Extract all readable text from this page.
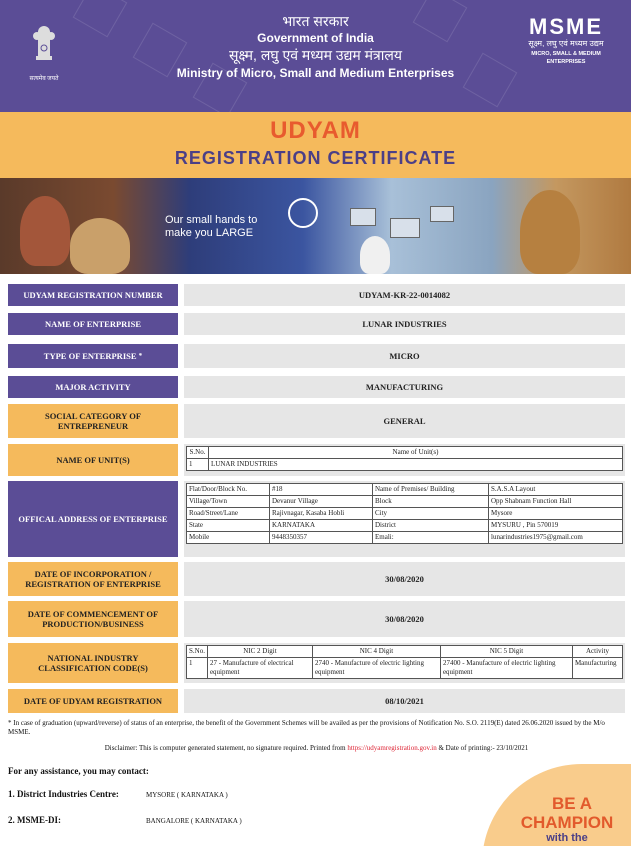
सत्यमेव जयते
भारत सरकार
Government of India
सूक्ष्म, लघु एवं मध्यम उद्यम मंत्रालय
Ministry of Micro, Small and Medium Enterprises
MSME
सूक्ष्म, लघु एवं मध्यम उद्यम
MICRO, SMALL & MEDIUM ENTERPRISES
UDYAM
REGISTRATION CERTIFICATE
Our small hands to
make you LARGE
UDYAM REGISTRATION NUMBER	UDYAM-KR-22-0014082
NAME OF ENTERPRISE	LUNAR INDUSTRIES
TYPE OF ENTERPRISE
*	MICRO
MAJOR ACTIVITY	MANUFACTURING
SOCIAL CATEGORY OF
ENTREPRENEUR	GENERAL
NAME OF UNIT(S)
S.No.	Name of Unit(s)
1	LUNAR INDUSTRIES
OFFICAL ADDRESS OF ENTERPRISE
Flat/Door/Block No.	#18	Name of Premises/ Building	S.A.S.A Layout
Village/Town	Devanur Village	Block	Opp Shabnam Function Hall
Road/Street/Lane	Rajivnagar, Kasaba Hobli	City	Mysore
State	KARNATAKA	District	MYSURU , Pin 570019
Mobile	9448350357	Emali:	lunarindustries1975@gmail.com
DATE OF INCORPORATION /
REGISTRATION OF ENTERPRISE	30/08/2020
DATE OF COMMENCEMENT OF
PRODUCTION/BUSINESS	30/08/2020
NATIONAL INDUSTRY
CLASSIFICATION CODE(S)
S.No.	NIC 2 Digit	NIC 4 Digit	NIC 5 Digit	Activity
1	27 - Manufacture of electrical equipment	2740 - Manufacture of electric lighting equipment	27400 - Manufacture of electric lighting equipment	Manufacturing
DATE OF UDYAM REGISTRATION	08/10/2021
* In case of graduation (upward/reverse) of status of an enterprise, the benefit of the Government Schemes will be availed as per the provisions of Notification No. S.O. 2119(E) dated 26.06.2020 issued by the M/o MSME.
Disclaimer: This is computer generated statement, no signature required. Printed from https://udyamregistration.gov.in & Date of printing:- 23/10/2021
For any assistance, you may contact:
1. District Industries Centre:	MYSORE ( KARNATAKA )
2. MSME-DI:	BANGALORE ( KARNATAKA )
BE A
CHAMPION
with the
